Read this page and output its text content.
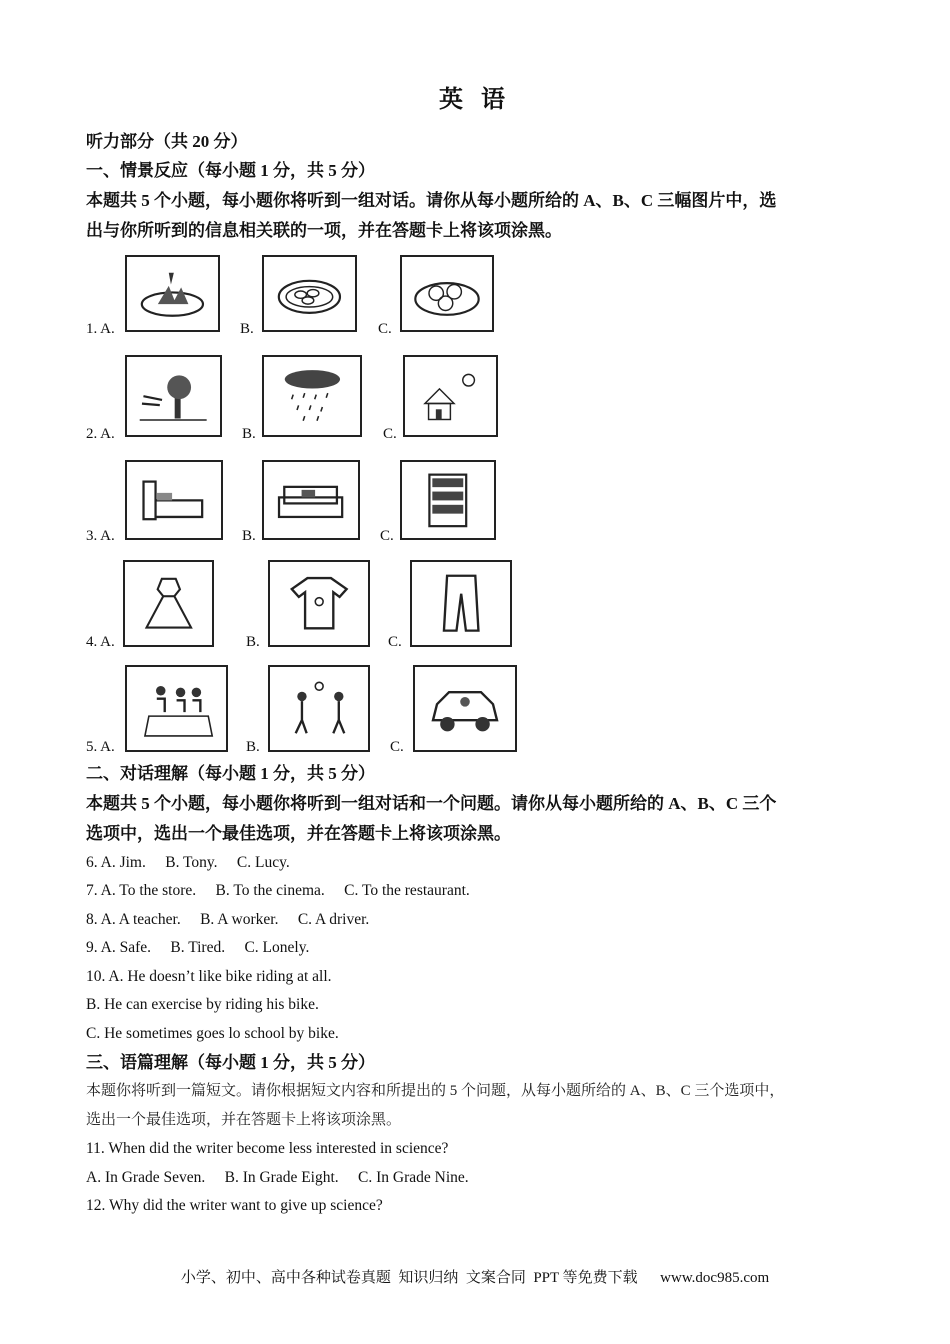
英 语
听力部分（共 20 分）
一、情景反应（每小题 1 分，共 5 分）
本题共 5 个小题，每小题你将听到一组对话。请你从每小题所给的 A、B、C 三幅图片中，选
出与你所听到的信息相关联的一项，并在答题卡上将该项涂黑。
1. A.	B.	C.
2. A.	B.	C.
3. A.	B.	C.
4. A.	B.	C.
5. A.	B.	C.
二、对话理解（每小题 1 分，共 5 分）
本题共 5 个小题，每小题你将听到一组对话和一个问题。请你从每小题所给的 A、B、C 三个
选项中，选出一个最佳选项，并在答题卡上将该项涂黑。
6. A. Jim.     B. Tony.     C. Lucy.
7. A. To the store.     B. To the cinema.     C. To the restaurant.
8. A. A teacher.     B. A worker.     C. A driver.
9. A. Safe.     B. Tired.     C. Lonely.
10. A. He doesn’t like bike riding at all.
B. He can exercise by riding his bike.
C. He sometimes goes lo school by bike.
三、语篇理解（每小题 1 分，共 5 分）
本题你将听到一篇短文。请你根据短文内容和所提出的 5 个问题，从每小题所给的 A、B、C 三个选项中，
选出一个最佳选项，并在答题卡上将该项涂黑。
11. When did the writer become less interested in science?
A. In Grade Seven.     B. In Grade Eight.     C. In Grade Nine.
12. Why did the writer want to give up science?
小学、初中、高中各种试卷真题  知识归纳  文案合同  PPT 等免费下载      www.doc985.com
